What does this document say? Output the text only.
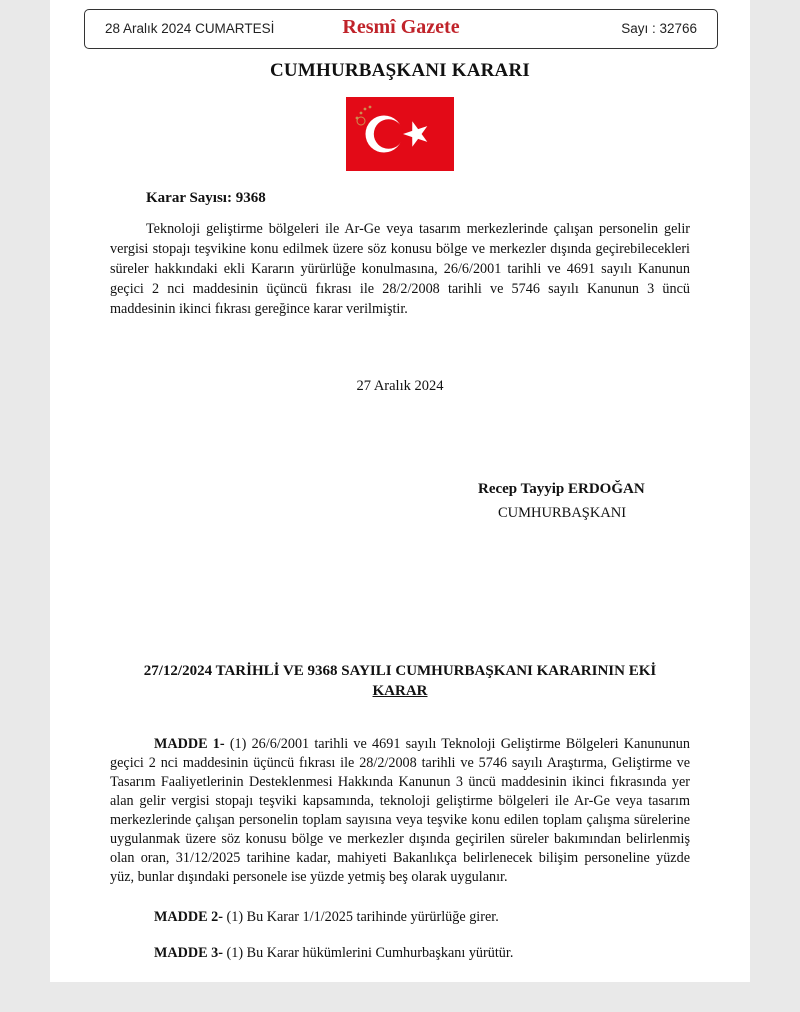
28 Aralık 2024 CUMARTESİ	Resmî Gazete	Sayı : 32766
CUMHURBAŞKANI KARARI
Karar Sayısı: 9368
Teknoloji geliştirme bölgeleri ile Ar-Ge veya tasarım merkezlerinde çalışan personelin gelir vergisi stopajı teşvikine konu edilmek üzere söz konusu bölge ve merkezler dışında geçirebilecekleri süreler hakkındaki ekli Kararın yürürlüğe konulmasına, 26/6/2001 tarihli ve 4691 sayılı Kanunun geçici 2 nci maddesinin üçüncü fıkrası ile 28/2/2008 tarihli ve 5746 sayılı Kanunun 3 üncü maddesinin ikinci fıkrası gereğince karar verilmiştir.
27 Aralık 2024
Recep Tayyip ERDOĞAN
CUMHURBAŞKANI
27/12/2024 TARİHLİ VE 9368 SAYILI CUMHURBAŞKANI KARARININ EKİ
KARAR
MADDE 1- (1) 26/6/2001 tarihli ve 4691 sayılı Teknoloji Geliştirme Bölgeleri Kanununun geçici 2 nci maddesinin üçüncü fıkrası ile 28/2/2008 tarihli ve 5746 sayılı Araştırma, Geliştirme ve Tasarım Faaliyetlerinin Desteklenmesi Hakkında Kanunun 3 üncü maddesinin ikinci fıkrasında yer alan gelir vergisi stopajı teşviki kapsamında, teknoloji geliştirme bölgeleri ile Ar-Ge veya tasarım merkezlerinde çalışan personelin toplam sayısına veya teşvike konu edilen toplam çalışma sürelerine uygulanmak üzere söz konusu bölge ve merkezler dışında geçirilen süreler bakımından belirlenmiş olan oran, 31/12/2025 tarihine kadar, mahiyeti Bakanlıkça belirlenecek bilişim personeline yüzde yüz, bunlar dışındaki personele ise yüzde yetmiş beş olarak uygulanır.
MADDE 2- (1) Bu Karar 1/1/2025 tarihinde yürürlüğe girer.
MADDE 3- (1) Bu Karar hükümlerini Cumhurbaşkanı yürütür.
